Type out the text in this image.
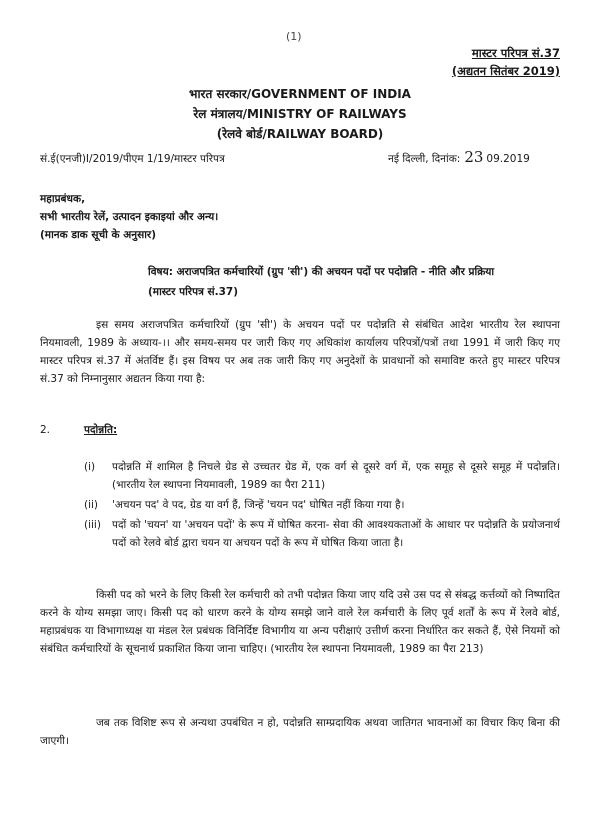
(1)
मास्टर परिपत्र सं.37
(अद्यतन सितंबर 2019)
भारत सरकार/GOVERNMENT OF INDIA
रेल मंत्रालय/MINISTRY OF RAILWAYS
(रेलवे बोर्ड/RAILWAY BOARD)
सं.ई(एनजी)I/2019/पीएम 1/19/मास्टर परिपत्र	नई दिल्ली, दिनांक: 23 09.2019
महाप्रबंधक,
सभी भारतीय रेलें, उत्पादन इकाइयां और अन्य।
(मानक डाक सूची के अनुसार)
विषय: अराजपत्रित कर्मचारियों (ग्रुप 'सी') की अचयन पदों पर पदोन्नति - नीति और प्रक्रिया
(मास्टर परिपत्र सं.37)
इस समय अराजपत्रित कर्मचारियों (ग्रुप 'सी') के अचयन पदों पर पदोन्नति से संबंधित आदेश भारतीय रेल स्थापना नियमावली, 1989 के अध्याय-।। और समय-समय पर जारी किए गए अधिकांश कार्यालय परिपत्रों/पत्रों तथा 1991 में जारी किए गए मास्टर परिपत्र सं.37 में अंतर्विष्ट हैं। इस विषय पर अब तक जारी किए गए अनुदेशों के प्रावधानों को समाविष्ट करते हुए मास्टर परिपत्र सं.37 को निम्नानुसार अद्यतन किया गया है:
2.	पदोन्नति:
(i)	पदोन्नति में शामिल है निचले ग्रेड से उच्चतर ग्रेड में, एक वर्ग से दूसरे वर्ग में, एक समूह से दूसरे समूह में पदोन्नति। (भारतीय रेल स्थापना नियमावली, 1989 का पैरा 211)
(ii)	'अचयन पद' वे पद, ग्रेड या वर्ग हैं, जिन्हें 'चयन पद' घोषित नहीं किया गया है।
(iii)	पदों को 'चयन' या 'अचयन पदों' के रूप में घोषित करना- सेवा की आवश्यकताओं के आधार पर पदोन्नति के प्रयोजनार्थ पदों को रेलवे बोर्ड द्वारा चयन या अचयन पदों के रूप में घोषित किया जाता है।
किसी पद को भरने के लिए किसी रेल कर्मचारी को तभी पदोन्नत किया जाए यदि उसे उस पद से संबद्ध कर्त्तव्यों को निष्पादित करने के योग्य समझा जाए। किसी पद को धारण करने के योग्य समझे जाने वाले रेल कर्मचारी के लिए पूर्व शर्तों के रूप में रेलवे बोर्ड, महाप्रबंधक या विभागाध्यक्ष या मंडल रेल प्रबंधक विनिर्दिष्ट विभागीय या अन्य परीक्षाएं उत्तीर्ण करना निर्धारित कर सकते हैं, ऐसे नियमों को संबंधित कर्मचारियों के सूचनार्थ प्रकाशित किया जाना चाहिए। (भारतीय रेल स्थापना नियमावली, 1989 का पैरा 213)
जब तक विशिष्ट रूप से अन्यथा उपबंधित न हो, पदोन्नति साम्प्रदायिक अथवा जातिगत भावनाओं का विचार किए बिना की जाएगी।
